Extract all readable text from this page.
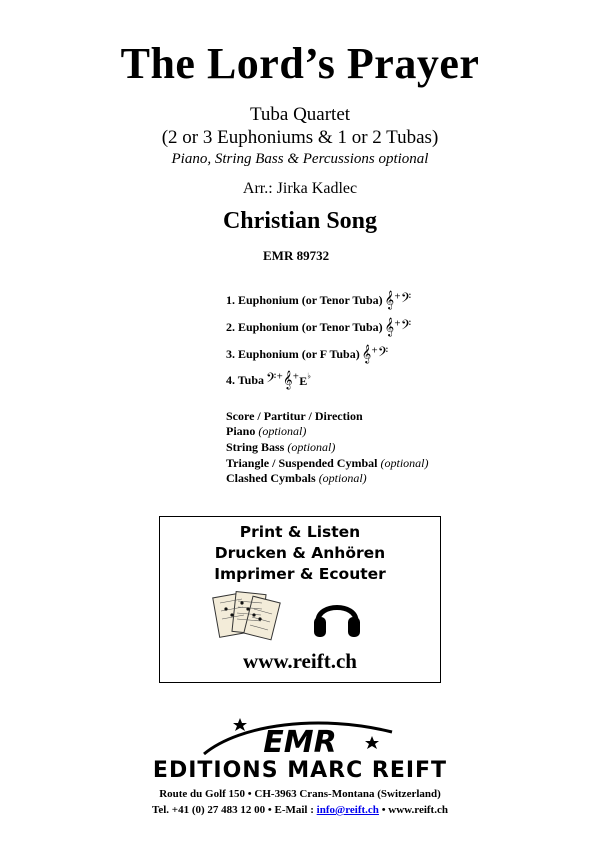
The Lord’s Prayer
Tuba Quartet
(2 or 3 Euphoniums & 1 or 2 Tubas)
Piano, String Bass & Percussions optional
Arr.: Jirka Kadlec
Christian Song
EMR 89732
1. Euphonium (or Tenor Tuba) 𝄞+𝄢
2. Euphonium (or Tenor Tuba) 𝄞+𝄢
3. Euphonium (or F Tuba) 𝄞+𝄢
4. Tuba 𝄢+𝄞+E♭
Score / Partitur / Direction
Piano (optional)
String Bass (optional)
Triangle / Suspended Cymbal (optional)
Clashed Cymbals (optional)
Print & Listen
Drucken & Anhören
Imprimer & Ecouter
www.reift.ch
EMR
EDITIONS MARC REIFT
Route du Golf 150 • CH-3963 Crans-Montana (Switzerland)
Tel. +41 (0) 27 483 12 00 • E-Mail : info@reift.ch • www.reift.ch
